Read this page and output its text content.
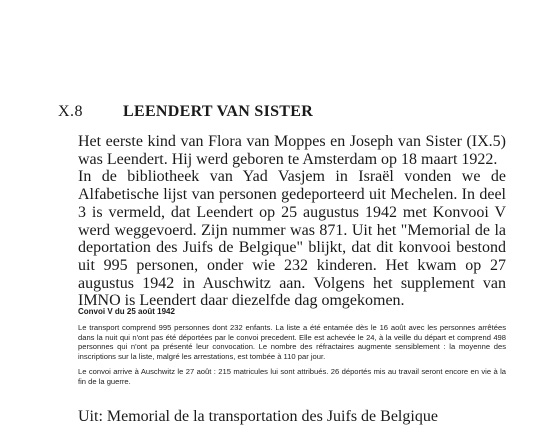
X.8 LEENDERT VAN SISTER

Het eerste kind van Flora van Moppes en Joseph van Sister (IX.5) was Leendert. Hij werd geboren te Amsterdam op 18 maart 1922.

In de bibliotheek van Yad Vasjem in Israël vonden we de Alfabetische lijst van personen gedeporteerd uit Mechelen. In deel 3 is vermeld, dat Leendert op 25 augustus 1942 met Konvooi V werd weggevoerd. Zijn nummer was 871. Uit het "Memorial de la deportation des Juifs de Belgique" blijkt, dat dit konvooi bestond uit 995 personen, onder wie 232 kinderen. Het kwam op 27 augustus 1942 in Auschwitz aan. Volgens het supplement van IMNO is Leendert daar diezelfde dag omgekomen.

Convoi V du 25 août 1942

Le transport comprend 995 personnes dont 232 enfants. La liste a été entamée dès le 16 août avec les personnes arrêtées dans la nuit qui n'ont pas été déportées par le convoi precedent. Elle est achevée le 24, à la veille du départ et comprend 498 personnes qui n'ont pa présenté leur convocation. Le nombre des réfractaires augmente sensiblement : la moyenne des inscriptions sur la liste, malgré les arrestations, est tombée à 110 par jour.

Le convoi arrive à Auschwitz le 27 août : 215 matricules lui sont attribués. 26 déportés mis au travail seront encore en vie à la fin de la guerre.

Uit: Memorial de la transportation des Juifs de Belgique
